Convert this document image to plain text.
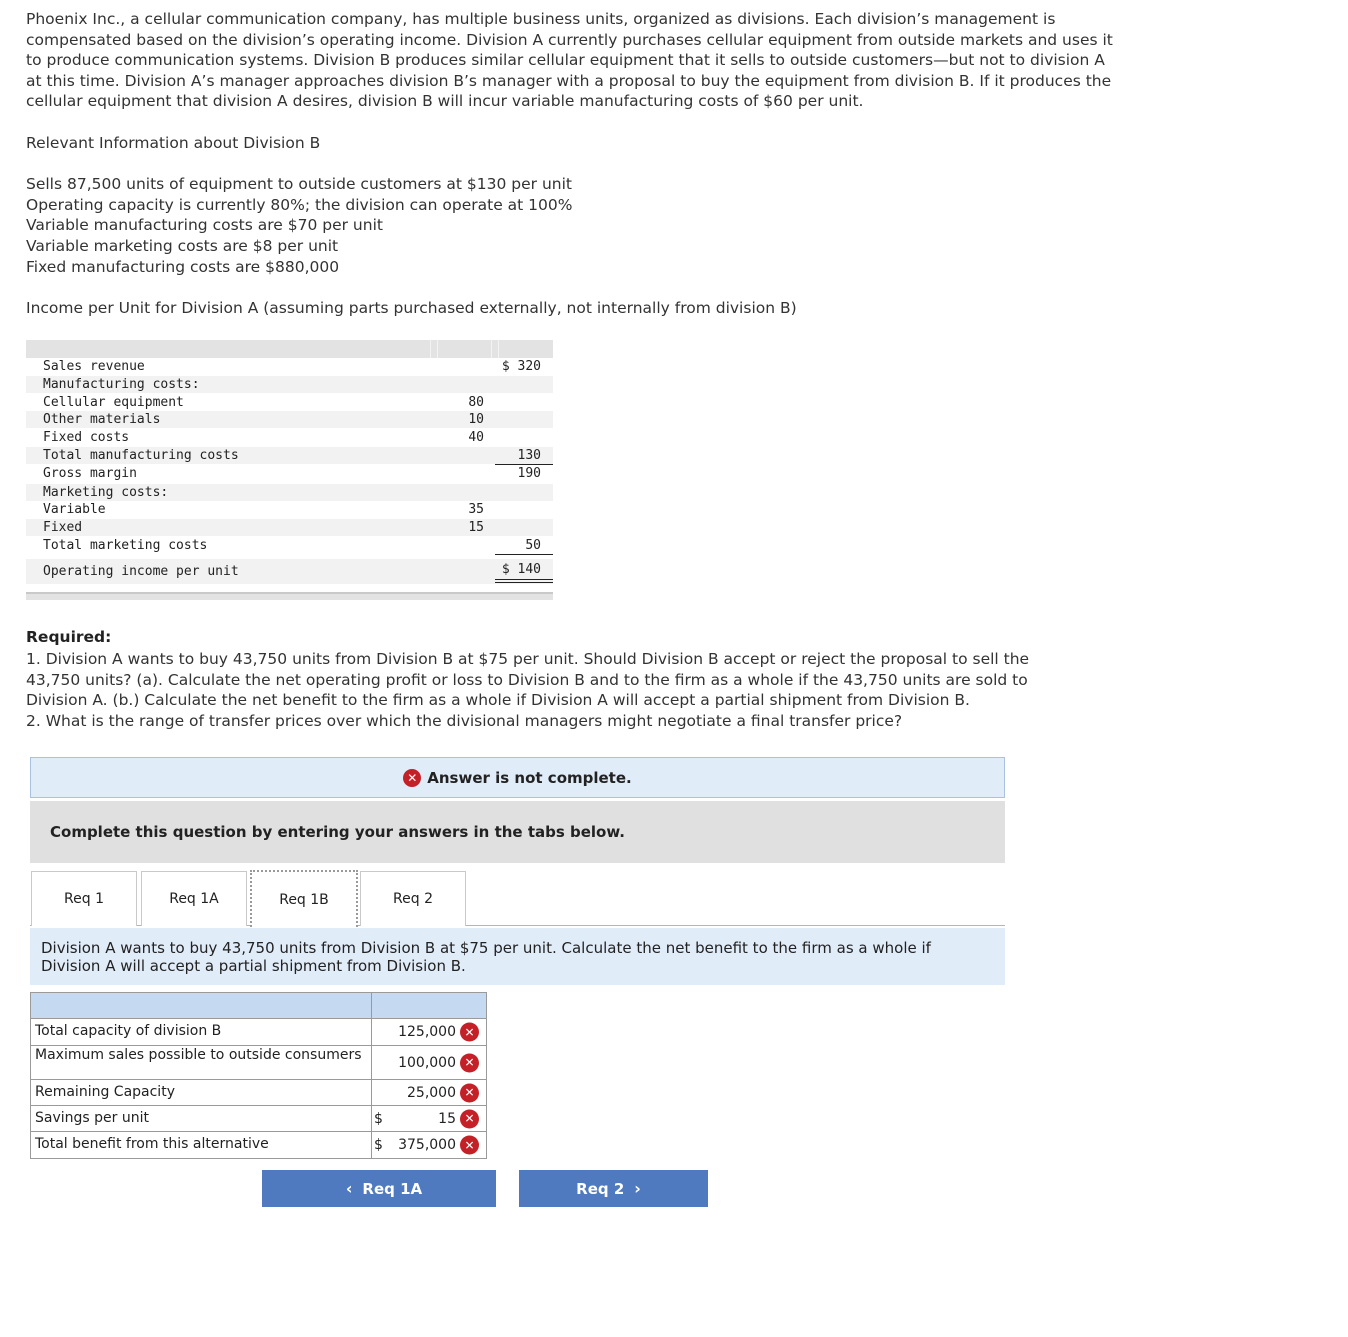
Phoenix Inc., a cellular communication company, has multiple business units, organized as divisions. Each division’s management is compensated based on the division’s operating income. Division A currently purchases cellular equipment from outside markets and uses it to produce communication systems. Division B produces similar cellular equipment that it sells to outside customers—but not to division A at this time. Division A’s manager approaches division B’s manager with a proposal to buy the equipment from division B. If it produces the cellular equipment that division A desires, division B will incur variable manufacturing costs of $60 per unit.

Relevant Information about Division B

Sells 87,500 units of equipment to outside customers at $130 per unit

Operating capacity is currently 80%; the division can operate at 100%

Variable manufacturing costs are $70 per unit

Variable marketing costs are $8 per unit

Fixed manufacturing costs are $880,000

Income per Unit for Division A (assuming parts purchased externally, not internally from division B)

Sales revenue	$ 320
Manufacturing costs:
Cellular equipment	80
Other materials	10
Fixed costs	40
Total manufacturing costs	130
Gross margin	190
Marketing costs:
Variable	35
Fixed	15
Total marketing costs	50
Operating income per unit	$ 140

Required:

1. Division A wants to buy 43,750 units from Division B at $75 per unit. Should Division B accept or reject the proposal to sell the 43,750 units? (a). Calculate the net operating profit or loss to Division B and to the firm as a whole if the 43,750 units are sold to Division A. (b.) Calculate the net benefit to the firm as a whole if Division A will accept a partial shipment from Division B.

2. What is the range of transfer prices over which the divisional managers might negotiate a final transfer price?

✕ Answer is not complete.
Complete this question by entering your answers in the tabs below.
Req 1	Req 1A	Req 1B	Req 2
Division A wants to buy 43,750 units from Division B at $75 per unit. Calculate the net benefit to the firm as a whole if Division A will accept a partial shipment from Division B.
Total capacity of division B	125,000 ✕
Maximum sales possible to outside consumers	100,000 ✕
Remaining Capacity	25,000 ✕
Savings per unit	$	15 ✕
Total benefit from this alternative	$ 375,000 ✕
‹ Req 1A	Req 2 ›
